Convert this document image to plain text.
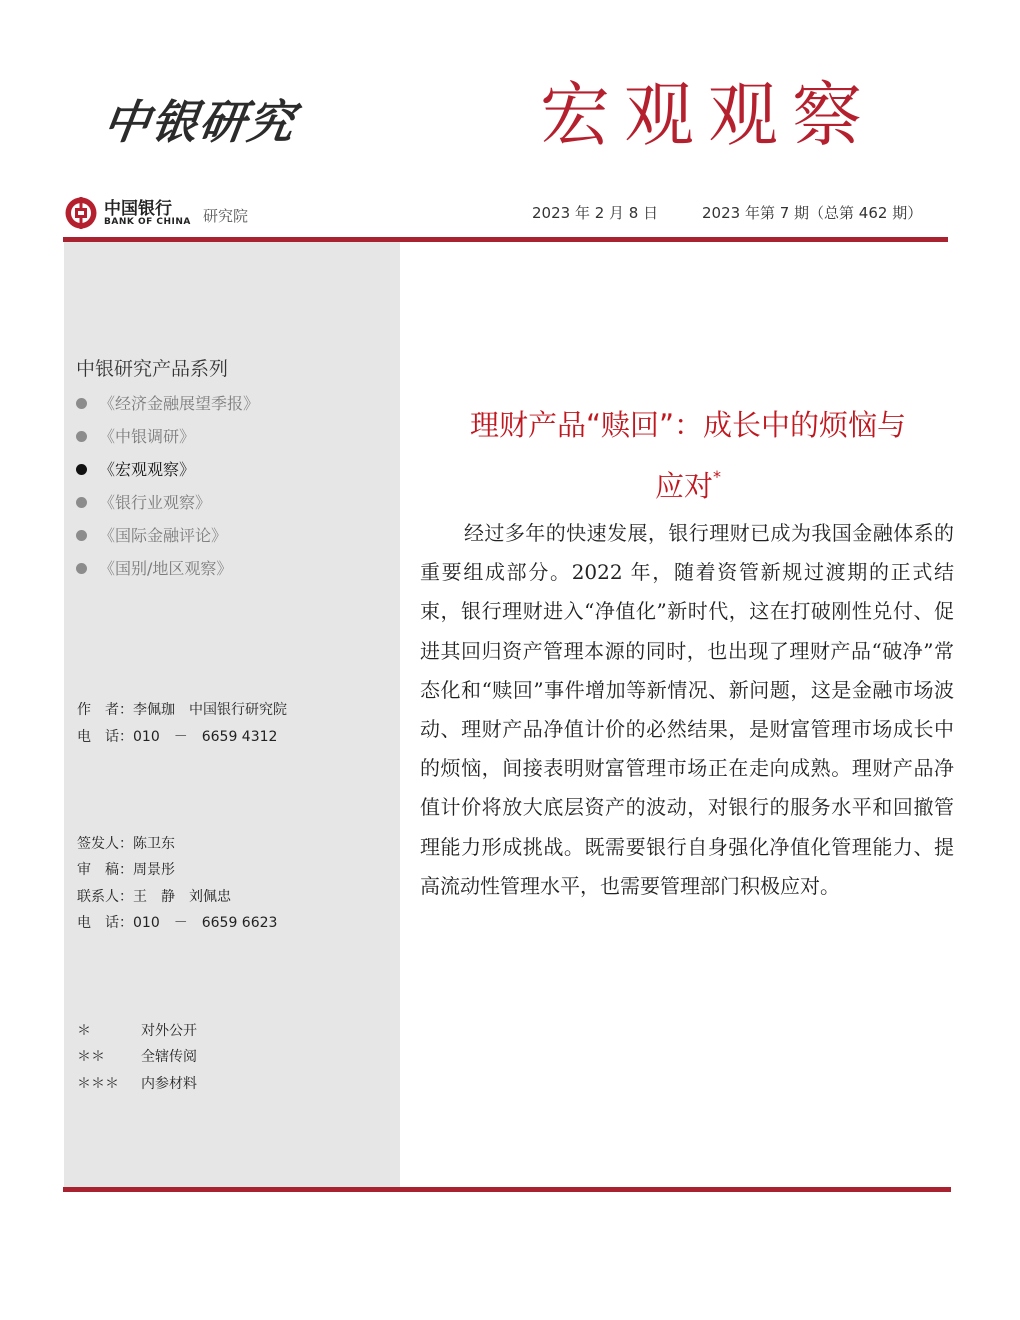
中银研究	宏观观察
中国银行
BANK OF CHINA 研究院	2023 年 2 月 8 日	2023 年第 7 期（总第 462 期）
中银研究产品系列
《经济金融展望季报》
《中银调研》
《宏观观察》
《银行业观察》
《国际金融评论》
《国别/地区观察》
作　者：李佩珈　中国银行研究院
电　话：010　－　6659 4312
签发人：陈卫东
审　稿：周景彤
联系人：王　静　刘佩忠
电　话：010　－　6659 6623
＊	对外公开
＊＊	全辖传阅
＊＊＊ 内参材料
理财产品“赎回”：成长中的烦恼与
应对*

经过多年的快速发展，银行理财已成为我国金融体系的重要组成部分。2022 年，随着资管新规过渡期的正式结束，银行理财进入“净值化”新时代，这在打破刚性兑付、促进其回归资产管理本源的同时，也出现了理财产品“破净”常态化和“赎回”事件增加等新情况、新问题，这是金融市场波动、理财产品净值计价的必然结果，是财富管理市场成长中的烦恼，间接表明财富管理市场正在走向成熟。理财产品净值计价将放大底层资产的波动，对银行的服务水平和回撤管理能力形成挑战。既需要银行自身强化净值化管理能力、提高流动性管理水平，也需要管理部门积极应对。
